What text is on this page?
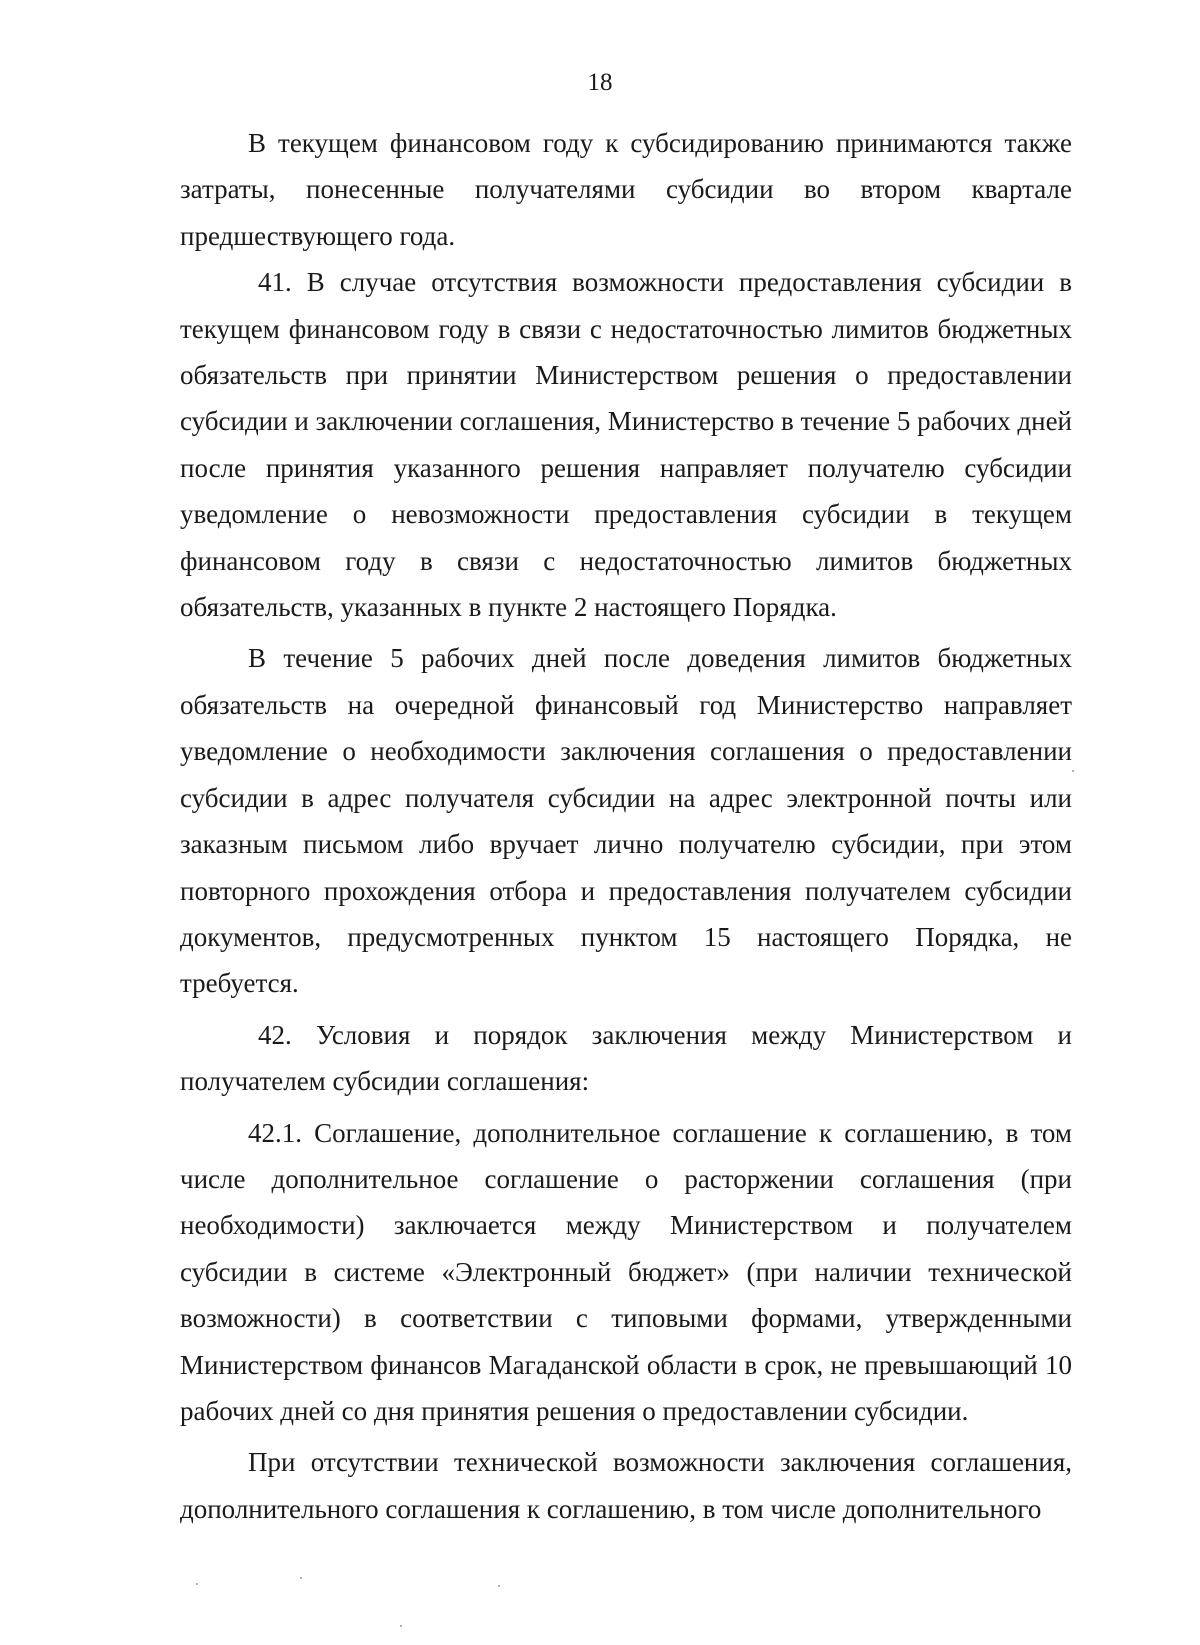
18

В текущем финансовом году к субсидированию принимаются также затраты, понесенные получателями субсидии во втором квартале предшествующего года.

41. В случае отсутствия возможности предоставления субсидии в текущем финансовом году в связи с недостаточностью лимитов бюджетных обязательств при принятии Министерством решения о предоставлении субсидии и заключении соглашения, Министерство в течение 5 рабочих дней после принятия указанного решения направляет получателю субсидии уведомление о невозможности предоставления субсидии в текущем финансовом году в связи с недостаточностью лимитов бюджетных обязательств, указанных в пункте 2 настоящего Порядка.

В течение 5 рабочих дней после доведения лимитов бюджетных обязательств на очередной финансовый год Министерство направляет уведомление о необходимости заключения соглашения о предоставлении субсидии в адрес получателя субсидии на адрес электронной почты или заказным письмом либо вручает лично получателю субсидии, при этом повторного прохождения отбора и предоставления получателем субсидии документов, предусмотренных пунктом 15 настоящего Порядка, не требуется.

42. Условия и порядок заключения между Министерством и получателем субсидии соглашения:

42.1. Соглашение, дополнительное соглашение к соглашению, в том числе дополнительное соглашение о расторжении соглашения (при необходимости) заключается между Министерством и получателем субсидии в системе «Электронный бюджет» (при наличии технической возможности) в соответствии с типовыми формами, утвержденными Министерством финансов Магаданской области в срок, не превышающий 10 рабочих дней со дня принятия решения о предоставлении субсидии.

При отсутствии технической возможности заключения соглашения, дополнительного соглашения к соглашению, в том числе дополнительного
